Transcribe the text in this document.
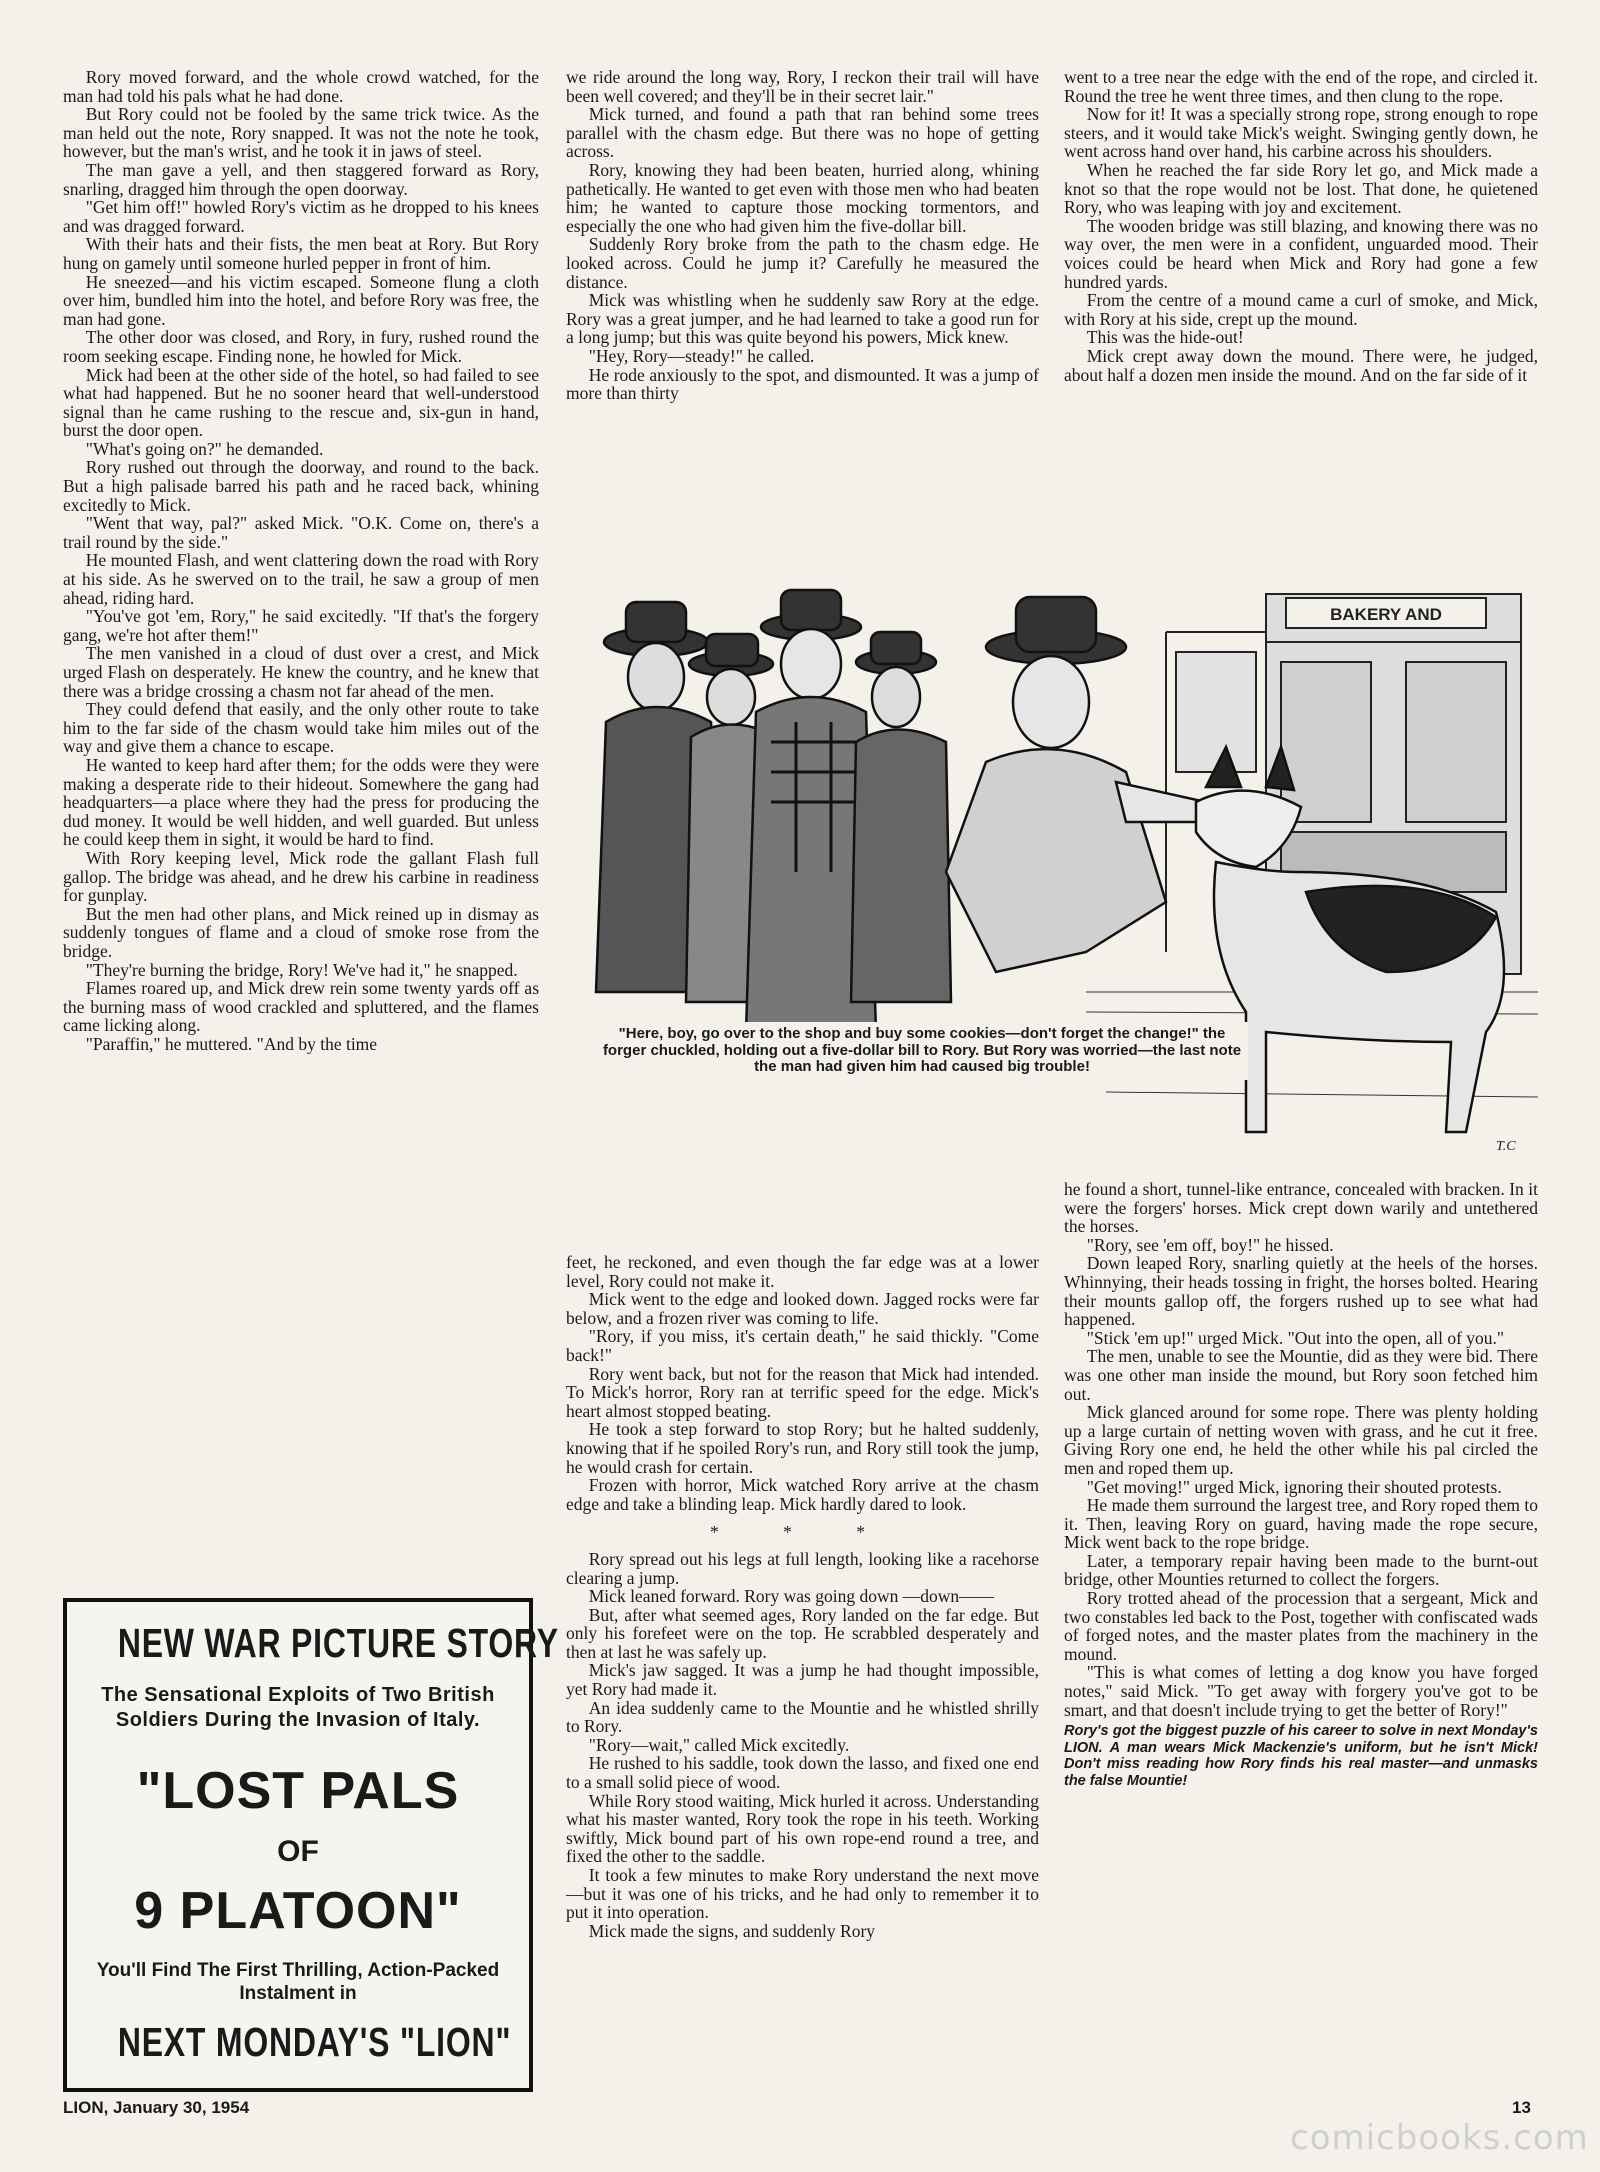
Rory moved forward, and the whole crowd watched, for the man had told his pals what he had done.

But Rory could not be fooled by the same trick twice. As the man held out the note, Rory snapped. It was not the note he took, however, but the man's wrist, and he took it in jaws of steel.

The man gave a yell, and then staggered forward as Rory, snarling, dragged him through the open doorway.

"Get him off!" howled Rory's victim as he dropped to his knees and was dragged forward.

With their hats and their fists, the men beat at Rory. But Rory hung on gamely until someone hurled pepper in front of him.

He sneezed—and his victim escaped. Someone flung a cloth over him, bundled him into the hotel, and before Rory was free, the man had gone.

The other door was closed, and Rory, in fury, rushed round the room seeking escape. Finding none, he howled for Mick.

Mick had been at the other side of the hotel, so had failed to see what had happened. But he no sooner heard that well-understood signal than he came rushing to the rescue and, six-gun in hand, burst the door open.

"What's going on?" he demanded.

Rory rushed out through the doorway, and round to the back. But a high palisade barred his path and he raced back, whining excitedly to Mick.

"Went that way, pal?" asked Mick. "O.K. Come on, there's a trail round by the side."

He mounted Flash, and went clattering down the road with Rory at his side. As he swerved on to the trail, he saw a group of men ahead, riding hard.

"You've got 'em, Rory," he said excitedly. "If that's the forgery gang, we're hot after them!"

The men vanished in a cloud of dust over a crest, and Mick urged Flash on desperately. He knew the country, and he knew that there was a bridge crossing a chasm not far ahead of the men.

They could defend that easily, and the only other route to take him to the far side of the chasm would take him miles out of the way and give them a chance to escape.

He wanted to keep hard after them; for the odds were they were making a desperate ride to their hideout. Somewhere the gang had headquarters—a place where they had the press for producing the dud money. It would be well hidden, and well guarded. But unless he could keep them in sight, it would be hard to find.

With Rory keeping level, Mick rode the gallant Flash full gallop. The bridge was ahead, and he drew his carbine in readiness for gunplay.

But the men had other plans, and Mick reined up in dismay as suddenly tongues of flame and a cloud of smoke rose from the bridge.

"They're burning the bridge, Rory! We've had it," he snapped.

Flames roared up, and Mick drew rein some twenty yards off as the burning mass of wood crackled and spluttered, and the flames came licking along.

"Paraffin," he muttered. "And by the time

we ride around the long way, Rory, I reckon their trail will have been well covered; and they'll be in their secret lair."

Mick turned, and found a path that ran behind some trees parallel with the chasm edge. But there was no hope of getting across.

Rory, knowing they had been beaten, hurried along, whining pathetically. He wanted to get even with those men who had beaten him; he wanted to capture those mocking tormentors, and especially the one who had given him the five-dollar bill.

Suddenly Rory broke from the path to the chasm edge. He looked across. Could he jump it? Carefully he measured the distance.

Mick was whistling when he suddenly saw Rory at the edge. Rory was a great jumper, and he had learned to take a good run for a long jump; but this was quite beyond his powers, Mick knew.

"Hey, Rory—steady!" he called.

He rode anxiously to the spot, and dismounted. It was a jump of more than thirty

went to a tree near the edge with the end of the rope, and circled it. Round the tree he went three times, and then clung to the rope.

Now for it! It was a specially strong rope, strong enough to rope steers, and it would take Mick's weight. Swinging gently down, he went across hand over hand, his carbine across his shoulders.

When he reached the far side Rory let go, and Mick made a knot so that the rope would not be lost. That done, he quietened Rory, who was leaping with joy and excitement.

The wooden bridge was still blazing, and knowing there was no way over, the men were in a confident, unguarded mood. Their voices could be heard when Mick and Rory had gone a few hundred yards.

From the centre of a mound came a curl of smoke, and Mick, with Rory at his side, crept up the mound.

This was the hide-out!

Mick crept away down the mound. There were, he judged, about half a dozen men inside the mound. And on the far side of it

BAKERY AND
T.C
"Here, boy, go over to the shop and buy some cookies—don't forget the change!" the forger chuckled, holding out a five-dollar bill to Rory. But Rory was worried—the last note the man had given him had caused big trouble!

feet, he reckoned, and even though the far edge was at a lower level, Rory could not make it.

Mick went to the edge and looked down. Jagged rocks were far below, and a frozen river was coming to life.

"Rory, if you miss, it's certain death," he said thickly. "Come back!"

Rory went back, but not for the reason that Mick had intended. To Mick's horror, Rory ran at terrific speed for the edge. Mick's heart almost stopped beating.

He took a step forward to stop Rory; but he halted suddenly, knowing that if he spoiled Rory's run, and Rory still took the jump, he would crash for certain.

Frozen with horror, Mick watched Rory arrive at the chasm edge and take a blinding leap. Mick hardly dared to look.

* * *

Rory spread out his legs at full length, looking like a racehorse clearing a jump.

Mick leaned forward. Rory was going down —down——

But, after what seemed ages, Rory landed on the far edge. But only his forefeet were on the top. He scrabbled desperately and then at last he was safely up.

Mick's jaw sagged. It was a jump he had thought impossible, yet Rory had made it.

An idea suddenly came to the Mountie and he whistled shrilly to Rory.

"Rory—wait," called Mick excitedly.

He rushed to his saddle, took down the lasso, and fixed one end to a small solid piece of wood.

While Rory stood waiting, Mick hurled it across. Understanding what his master wanted, Rory took the rope in his teeth. Working swiftly, Mick bound part of his own rope-end round a tree, and fixed the other to the saddle.

It took a few minutes to make Rory understand the next move—but it was one of his tricks, and he had only to remember it to put it into operation.

Mick made the signs, and suddenly Rory

he found a short, tunnel-like entrance, concealed with bracken. In it were the forgers' horses. Mick crept down warily and untethered the horses.

"Rory, see 'em off, boy!" he hissed.

Down leaped Rory, snarling quietly at the heels of the horses. Whinnying, their heads tossing in fright, the horses bolted. Hearing their mounts gallop off, the forgers rushed up to see what had happened.

"Stick 'em up!" urged Mick. "Out into the open, all of you."

The men, unable to see the Mountie, did as they were bid. There was one other man inside the mound, but Rory soon fetched him out.

Mick glanced around for some rope. There was plenty holding up a large curtain of netting woven with grass, and he cut it free. Giving Rory one end, he held the other while his pal circled the men and roped them up.

"Get moving!" urged Mick, ignoring their shouted protests.

He made them surround the largest tree, and Rory roped them to it. Then, leaving Rory on guard, having made the rope secure, Mick went back to the rope bridge.

Later, a temporary repair having been made to the burnt-out bridge, other Mounties returned to collect the forgers.

Rory trotted ahead of the procession that a sergeant, Mick and two constables led back to the Post, together with confiscated wads of forged notes, and the master plates from the machinery in the mound.

"This is what comes of letting a dog know you have forged notes," said Mick. "To get away with forgery you've got to be smart, and that doesn't include trying to get the better of Rory!"

Rory's got the biggest puzzle of his career to solve in next Monday's LION. A man wears Mick Mackenzie's uniform, but he isn't Mick! Don't miss reading how Rory finds his real master—and unmasks the false Mountie!

NEW WAR PICTURE STORY
The Sensational Exploits of Two British Soldiers During the Invasion of Italy.
"LOST PALS
OF
9 PLATOON"
You'll Find The First Thrilling, Action-Packed Instalment in
NEXT MONDAY'S "LION"
LION, January 30, 1954	13
comicbooks.com
